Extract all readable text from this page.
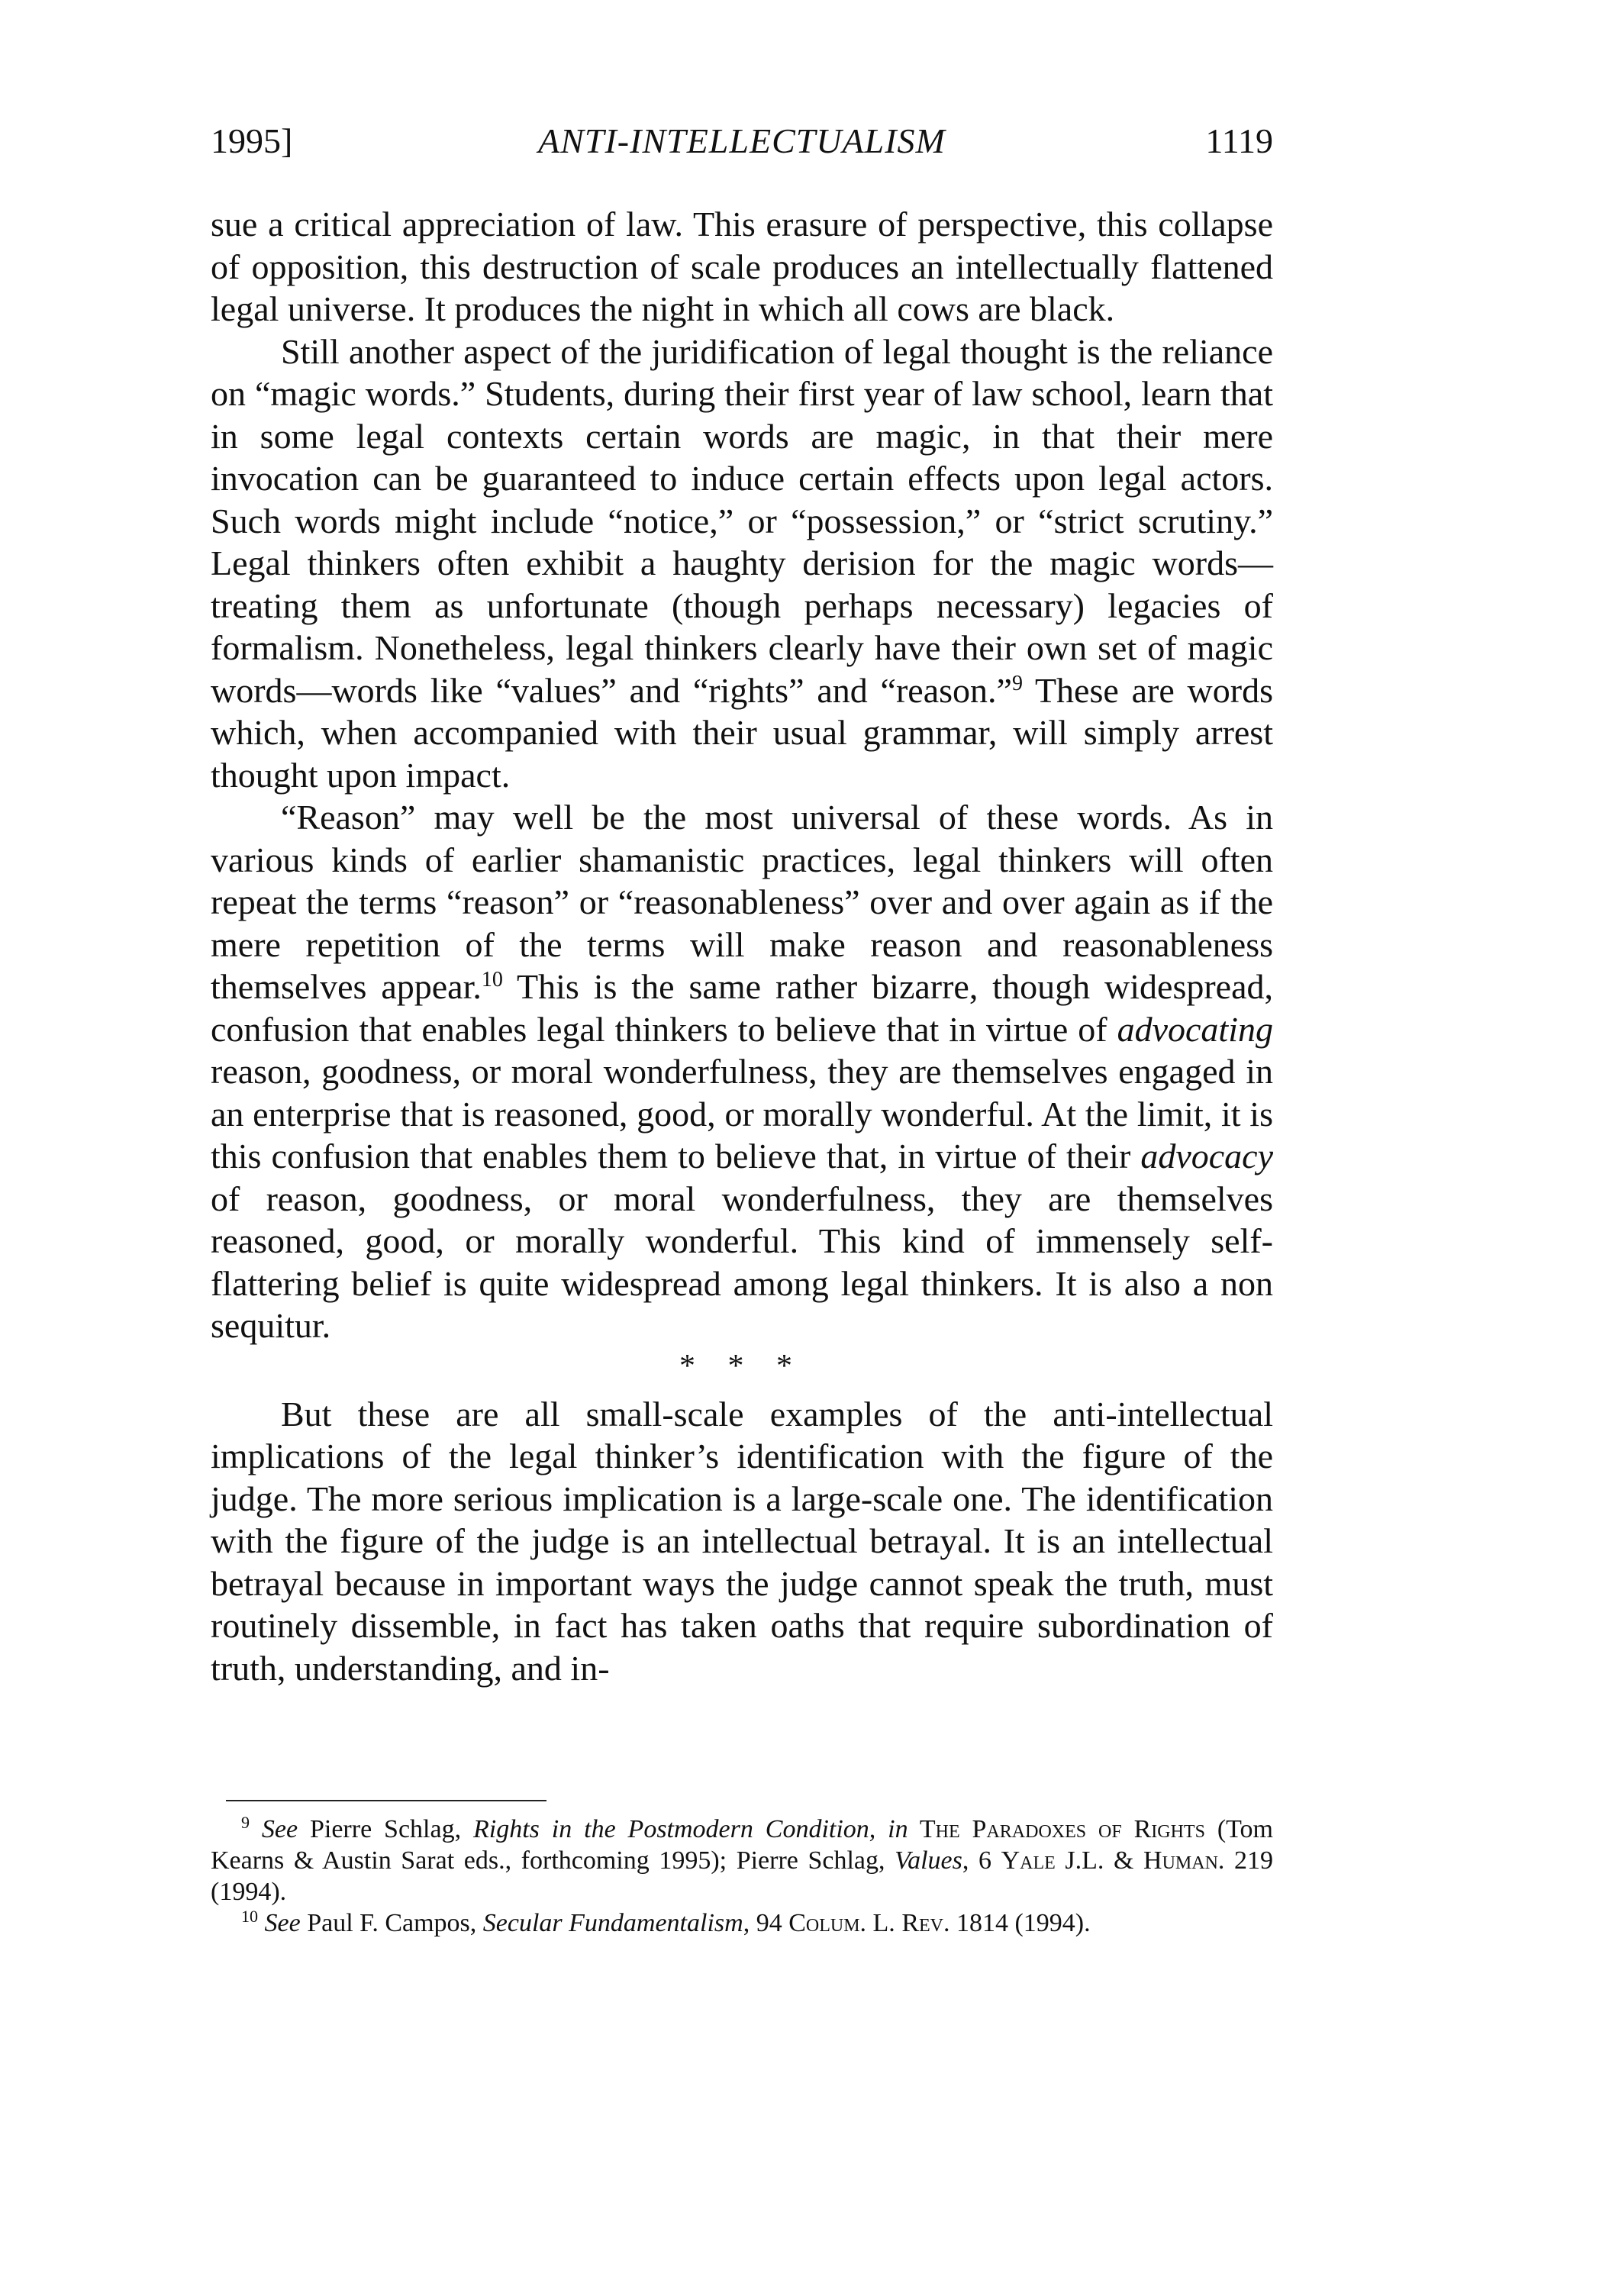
1995]	ANTI-INTELLECTUALISM	1119

sue a critical appreciation of law. This erasure of perspective, this collapse of opposition, this destruction of scale produces an intellectually flattened legal universe. It produces the night in which all cows are black.

Still another aspect of the juridification of legal thought is the reliance on “magic words.” Students, during their first year of law school, learn that in some legal contexts certain words are magic, in that their mere invocation can be guaranteed to induce certain effects upon legal actors. Such words might include “notice,” or “possession,” or “strict scrutiny.” Legal thinkers often exhibit a haughty derision for the magic words—treating them as unfortunate (though perhaps necessary) legacies of formalism. Nonetheless, legal thinkers clearly have their own set of magic words—words like “values” and “rights” and “reason.”$^9$ These are words which, when accompanied with their usual grammar, will simply arrest thought upon impact.

“Reason” may well be the most universal of these words. As in various kinds of earlier shamanistic practices, legal thinkers will often repeat the terms “reason” or “reasonableness” over and over again as if the mere repetition of the terms will make reason and reasonableness themselves appear.$^{10}$ This is the same rather bizarre, though widespread, confusion that enables legal thinkers to believe that in virtue of advocating reason, goodness, or moral wonderfulness, they are themselves engaged in an enterprise that is reasoned, good, or morally wonderful. At the limit, it is this confusion that enables them to believe that, in virtue of their advocacy of reason, goodness, or moral wonderfulness, they are themselves reasoned, good, or morally wonderful. This kind of immensely self-flattering belief is quite widespread among legal thinkers. It is also a non sequitur.

* * *

But these are all small-scale examples of the anti-intellectual implications of the legal thinker’s identification with the figure of the judge. The more serious implication is a large-scale one. The identification with the figure of the judge is an intellectual betrayal. It is an intellectual betrayal because in important ways the judge cannot speak the truth, must routinely dissemble, in fact has taken oaths that require subordination of truth, understanding, and in-

$^9$ See Pierre Schlag, Rights in the Postmodern Condition, in The Paradoxes of Rights (Tom Kearns & Austin Sarat eds., forthcoming 1995); Pierre Schlag, Values, 6 Yale J.L. & Human. 219 (1994).

$^{10}$ See Paul F. Campos, Secular Fundamentalism, 94 Colum. L. Rev. 1814 (1994).
